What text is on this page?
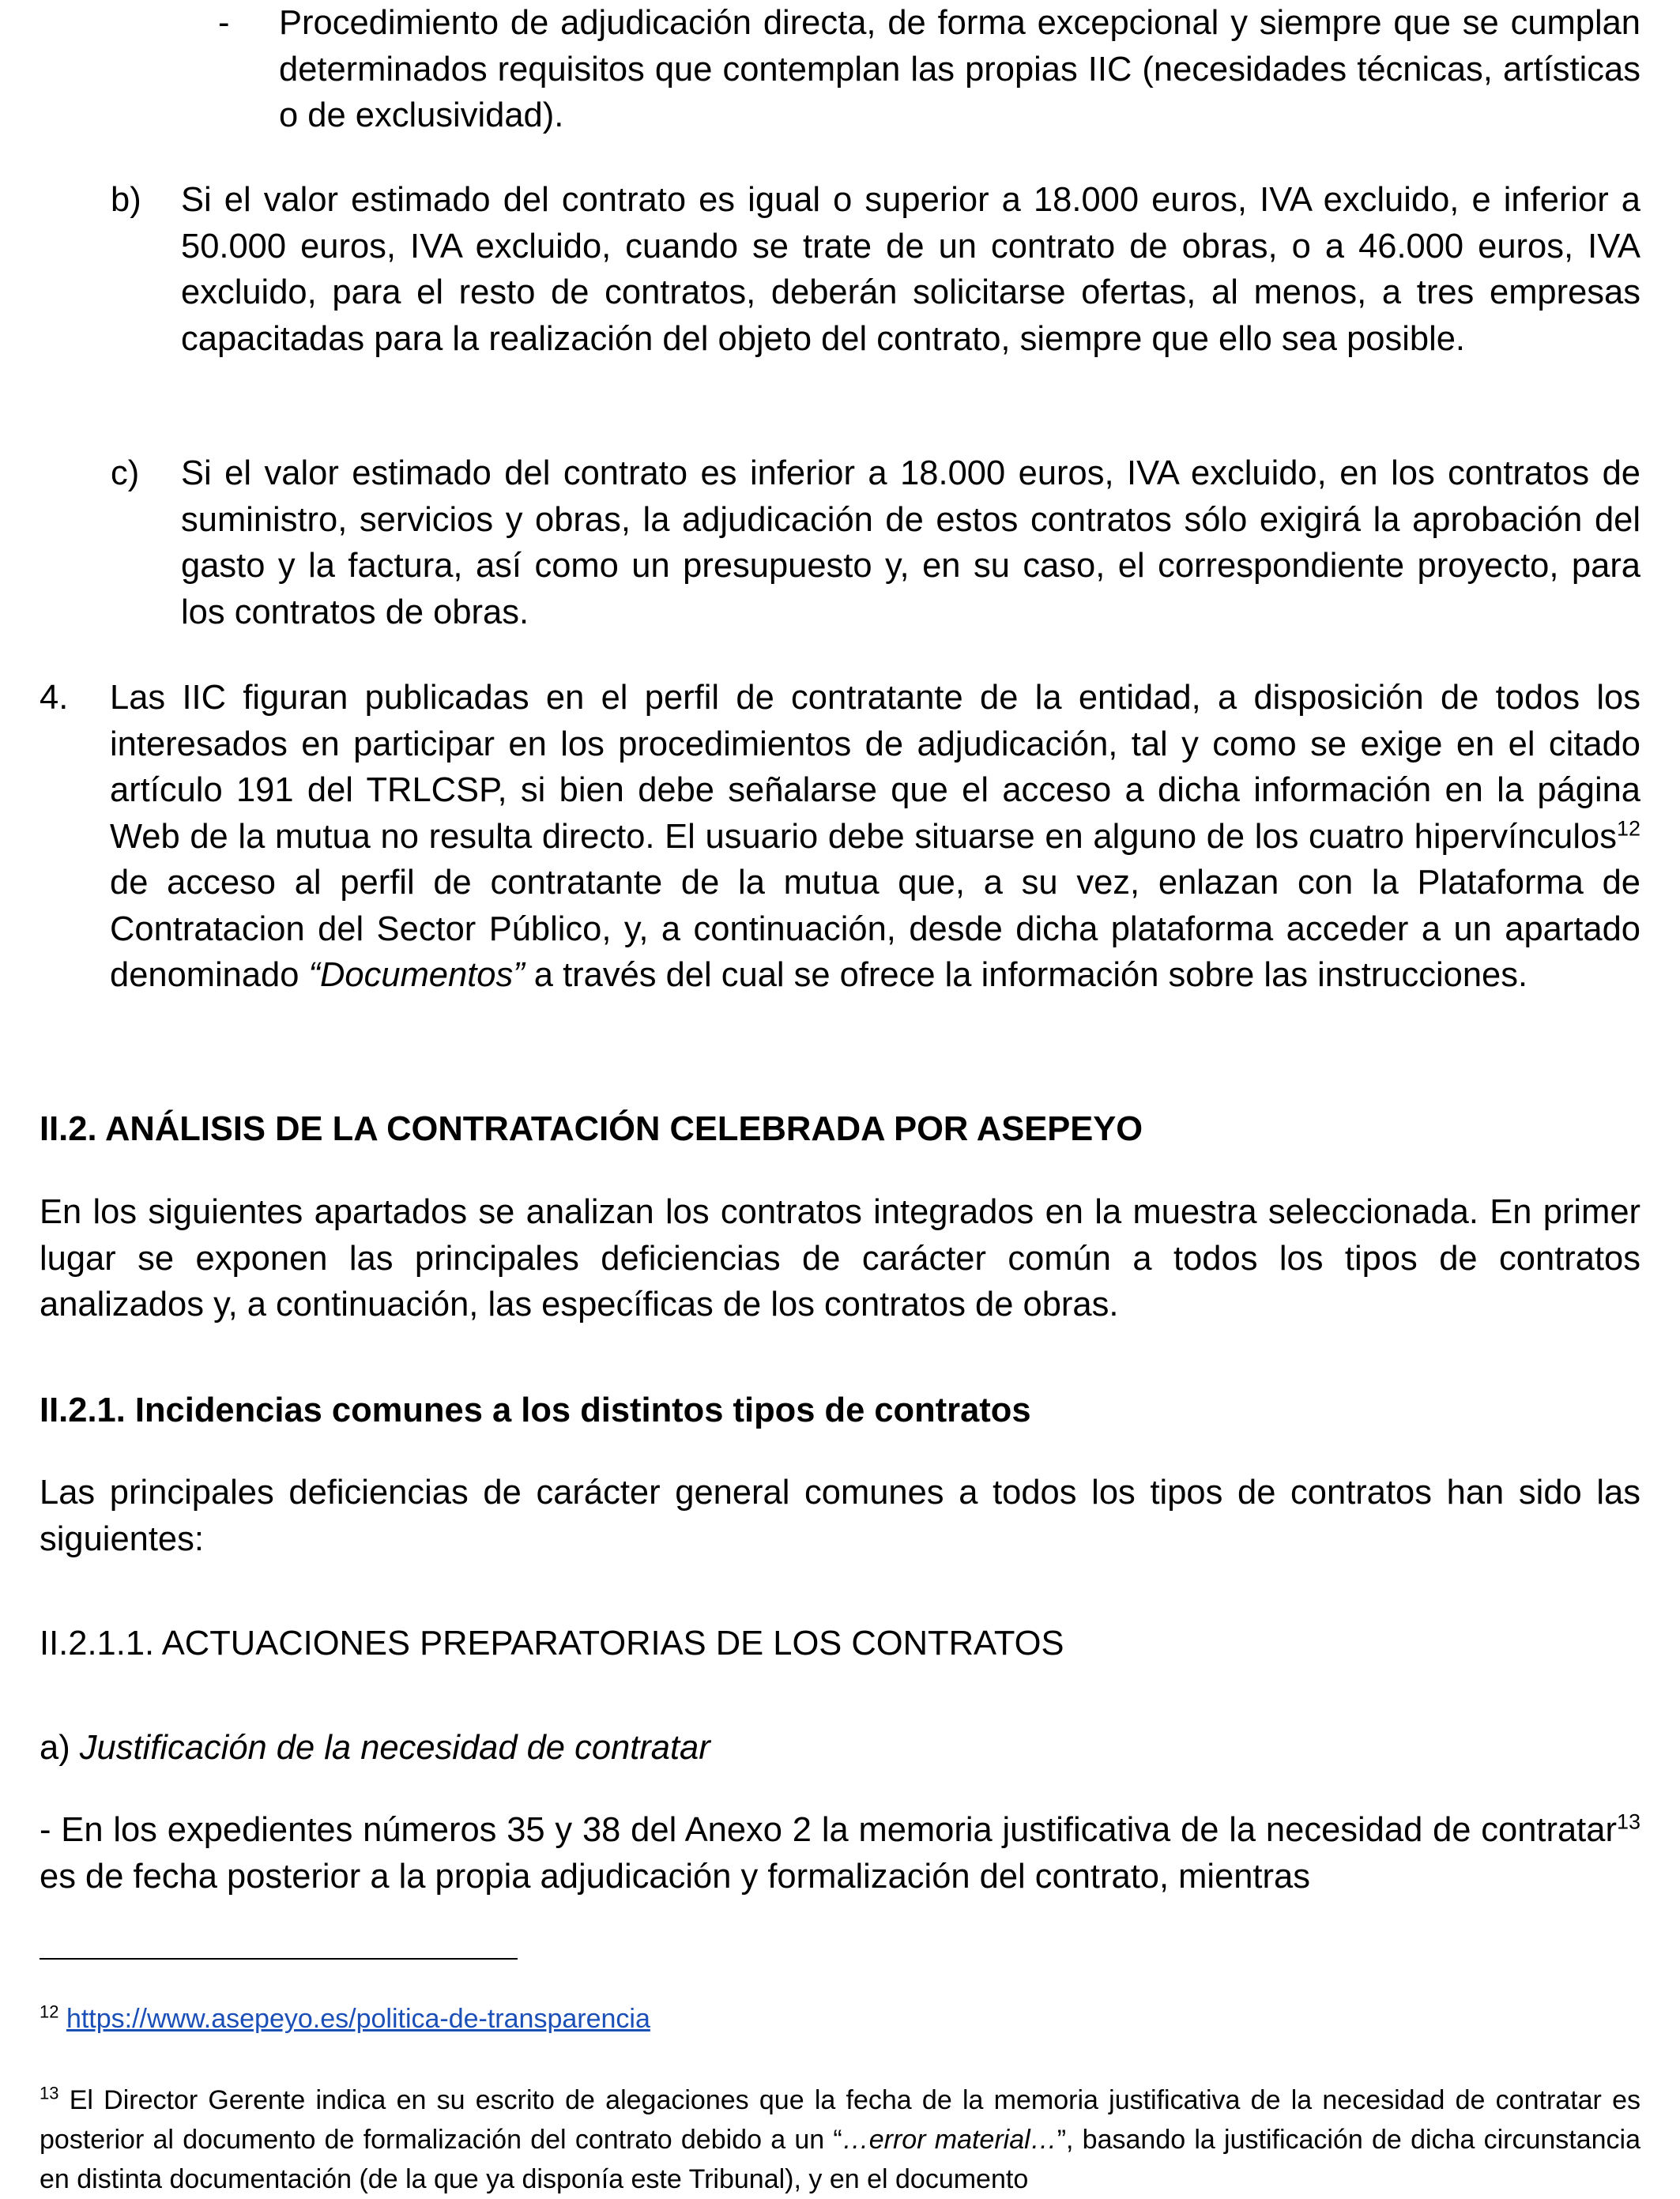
- Procedimiento de adjudicación directa, de forma excepcional y siempre que se cumplan determinados requisitos que contemplan las propias IIC (necesidades técnicas, artísticas o de exclusividad).

b) Si el valor estimado del contrato es igual o superior a 18.000 euros, IVA excluido, e inferior a 50.000 euros, IVA excluido, cuando se trate de un contrato de obras, o a 46.000 euros, IVA excluido, para el resto de contratos, deberán solicitarse ofertas, al menos, a tres empresas capacitadas para la realización del objeto del contrato, siempre que ello sea posible.

c) Si el valor estimado del contrato es inferior a 18.000 euros, IVA excluido, en los contratos de suministro, servicios y obras, la adjudicación de estos contratos sólo exigirá la aprobación del gasto y la factura, así como un presupuesto y, en su caso, el correspondiente proyecto, para los contratos de obras.

4. Las IIC figuran publicadas en el perfil de contratante de la entidad, a disposición de todos los interesados en participar en los procedimientos de adjudicación, tal y como se exige en el citado artículo 191 del TRLCSP, si bien debe señalarse que el acceso a dicha información en la página Web de la mutua no resulta directo. El usuario debe situarse en alguno de los cuatro hipervínculos$^{12}$ de acceso al perfil de contratante de la mutua que, a su vez, enlazan con la Plataforma de Contratacion del Sector Público, y, a continuación, desde dicha plataforma acceder a un apartado denominado “Documentos” a través del cual se ofrece la información sobre las instrucciones.

II.2. ANÁLISIS DE LA CONTRATACIÓN CELEBRADA POR ASEPEYO

En los siguientes apartados se analizan los contratos integrados en la muestra seleccionada. En primer lugar se exponen las principales deficiencias de carácter común a todos los tipos de contratos analizados y, a continuación, las específicas de los contratos de obras.

II.2.1. Incidencias comunes a los distintos tipos de contratos

Las principales deficiencias de carácter general comunes a todos los tipos de contratos han sido las siguientes:

II.2.1.1. ACTUACIONES PREPARATORIAS DE LOS CONTRATOS

a) Justificación de la necesidad de contratar

- En los expedientes números 35 y 38 del Anexo 2 la memoria justificativa de la necesidad de contratar$^{13}$ es de fecha posterior a la propia adjudicación y formalización del contrato, mientras

$^{12}$ https://www.asepeyo.es/politica-de-transparencia

$^{13}$ El Director Gerente indica en su escrito de alegaciones que la fecha de la memoria justificativa de la necesidad de contratar es posterior al documento de formalización del contrato debido a un “…error material…”, basando la justificación de dicha circunstancia en distinta documentación (de la que ya disponía este Tribunal), y en el documento
